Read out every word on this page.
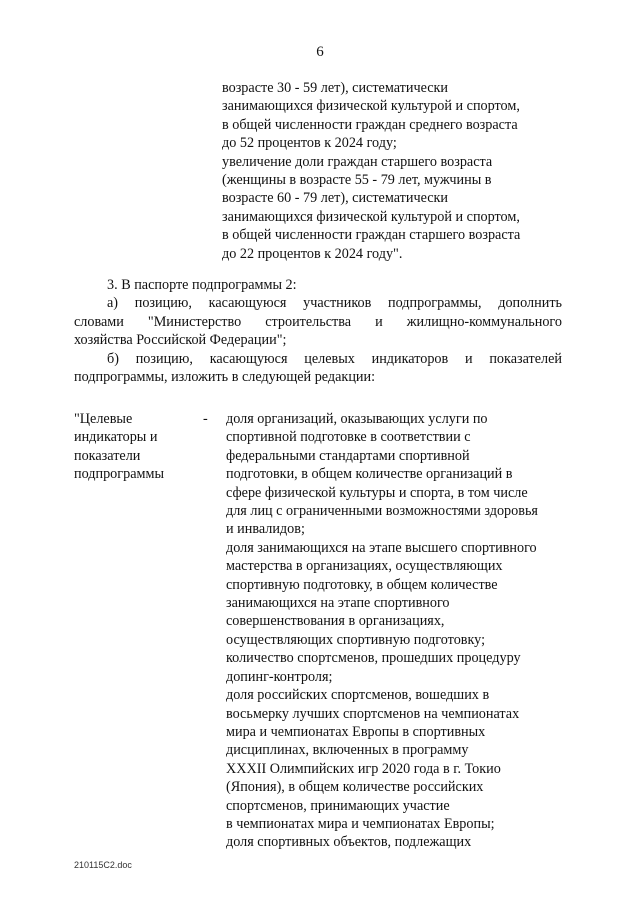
6
возрасте 30 - 59 лет), систематически
занимающихся физической культурой и спортом,
в общей численности граждан среднего возраста
до 52 процентов к 2024 году;
увеличение доли граждан старшего возраста
(женщины в возрасте 55 - 79 лет, мужчины в
возрасте 60 - 79 лет), систематически
занимающихся физической культурой и спортом,
в общей численности граждан старшего возраста
до 22 процентов к 2024 году".
3. В паспорте подпрограммы 2:
а) позицию, касающуюся участников подпрограммы, дополнить
словами "Министерство строительства и жилищно-коммунального
хозяйства Российской Федерации";
б) позицию, касающуюся целевых индикаторов и показателей
подпрограммы, изложить в следующей редакции:
"Целевые
индикаторы и
показатели
подпрограммы
- доля организаций, оказывающих услуги по
спортивной подготовке в соответствии с
федеральными стандартами спортивной
подготовки, в общем количестве организаций в
сфере физической культуры и спорта, в том числе
для лиц с ограниченными возможностями здоровья
и инвалидов;
доля занимающихся на этапе высшего спортивного
мастерства в организациях, осуществляющих
спортивную подготовку, в общем количестве
занимающихся на этапе спортивного
совершенствования в организациях,
осуществляющих спортивную подготовку;
количество спортсменов, прошедших процедуру
допинг-контроля;
доля российских спортсменов, вошедших в
восьмерку лучших спортсменов на чемпионатах
мира и чемпионатах Европы в спортивных
дисциплинах, включенных в программу
XXXII Олимпийских игр 2020 года в г. Токио
(Япония), в общем количестве российских
спортсменов, принимающих участие
в чемпионатах мира и чемпионатах Европы;
доля спортивных объектов, подлежащих
210115С2.doc
